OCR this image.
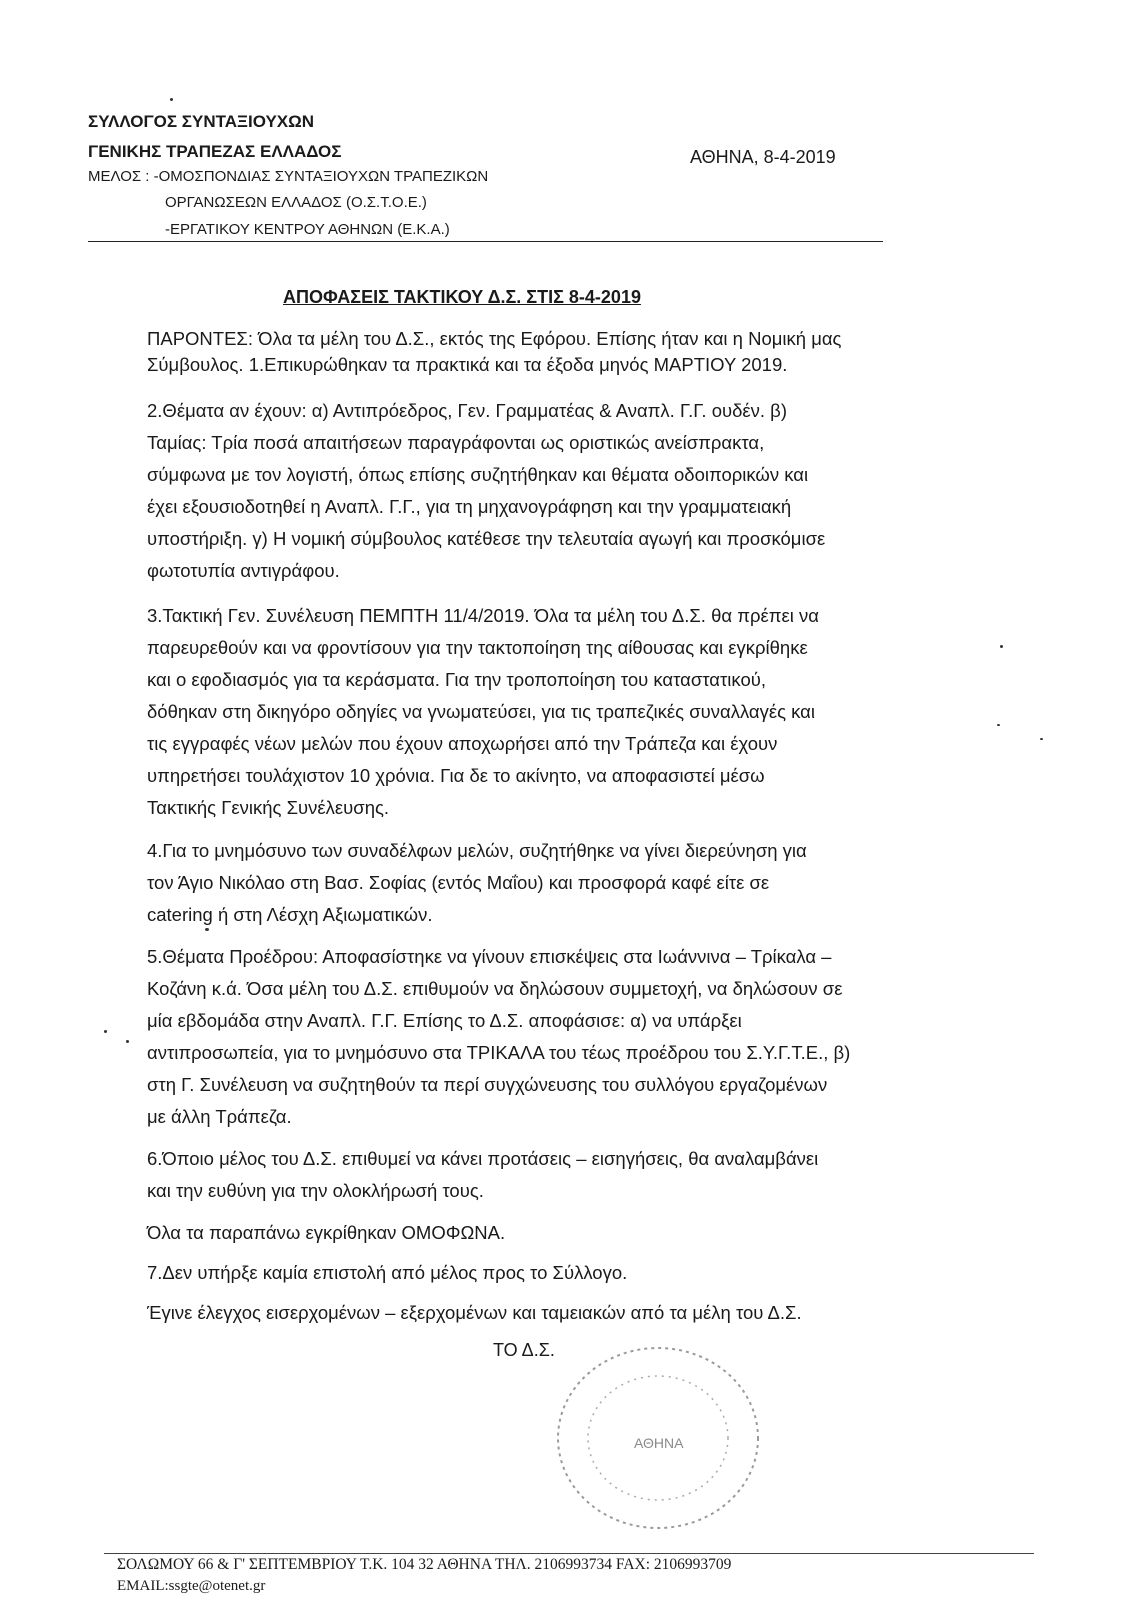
ΣΥΛΛΟΓΟΣ ΣΥΝΤΑΞΙΟΥΧΩΝ
ΓΕΝΙΚΗΣ ΤΡΑΠΕΖΑΣ ΕΛΛΑΔΟΣ
ΜΕΛΟΣ : -ΟΜΟΣΠΟΝΔΙΑΣ ΣΥΝΤΑΞΙΟΥΧΩΝ ΤΡΑΠΕΖΙΚΩΝ
ΟΡΓΑΝΩΣΕΩΝ ΕΛΛΑΔΟΣ (Ο.Σ.Τ.Ο.Ε.)
-ΕΡΓΑΤΙΚΟΥ ΚΕΝΤΡΟΥ ΑΘΗΝΩΝ (Ε.Κ.Α.)
ΑΘΗΝΑ, 8-4-2019
ΑΠΟΦΑΣΕΙΣ ΤΑΚΤΙΚΟΥ Δ.Σ. ΣΤΙΣ 8-4-2019
ΠΑΡΟΝΤΕΣ: Όλα τα μέλη του Δ.Σ., εκτός της Εφόρου. Επίσης ήταν και η Νομική μας
Σύμβουλος. 1.Επικυρώθηκαν τα πρακτικά και τα έξοδα μηνός ΜΑΡΤΙΟΥ 2019.
2.Θέματα αν έχουν: α) Αντιπρόεδρος, Γεν. Γραμματέας & Αναπλ. Γ.Γ. ουδέν. β)
Ταμίας: Τρία ποσά απαιτήσεων παραγράφονται ως οριστικώς ανείσπρακτα,
σύμφωνα με τον λογιστή, όπως επίσης συζητήθηκαν και θέματα οδοιπορικών και
έχει εξουσιοδοτηθεί η Αναπλ. Γ.Γ., για τη μηχανογράφηση και την γραμματειακή
υποστήριξη. γ) Η νομική σύμβουλος κατέθεσε την τελευταία αγωγή και προσκόμισε
φωτοτυπία αντιγράφου.
3.Τακτική Γεν. Συνέλευση ΠΕΜΠΤΗ 11/4/2019. Όλα τα μέλη του Δ.Σ. θα πρέπει να
παρευρεθούν και να φροντίσουν για την τακτοποίηση της αίθουσας και εγκρίθηκε
και ο εφοδιασμός για τα κεράσματα. Για την τροποποίηση του καταστατικού,
δόθηκαν στη δικηγόρο οδηγίες να γνωματεύσει, για τις τραπεζικές συναλλαγές και
τις εγγραφές νέων μελών που έχουν αποχωρήσει από την Τράπεζα και έχουν
υπηρετήσει τουλάχιστον 10 χρόνια. Για δε το ακίνητο, να αποφασιστεί μέσω
Τακτικής Γενικής Συνέλευσης.
4.Για το μνημόσυνο των συναδέλφων μελών, συζητήθηκε να γίνει διερεύνηση για
τον Άγιο Νικόλαο στη Βασ. Σοφίας (εντός Μαΐου) και προσφορά καφέ είτε σε
catering ή στη Λέσχη Αξιωματικών.
5.Θέματα Προέδρου: Αποφασίστηκε να γίνουν επισκέψεις στα Ιωάννινα – Τρίκαλα –
Κοζάνη κ.ά. Όσα μέλη του Δ.Σ. επιθυμούν να δηλώσουν συμμετοχή, να δηλώσουν σε
μία εβδομάδα στην Αναπλ. Γ.Γ. Επίσης το Δ.Σ. αποφάσισε: α) να υπάρξει
αντιπροσωπεία, για το μνημόσυνο στα ΤΡΙΚΑΛΑ του τέως προέδρου του Σ.Υ.Γ.Τ.Ε., β)
στη Γ. Συνέλευση να συζητηθούν τα περί συγχώνευσης του συλλόγου εργαζομένων
με άλλη Τράπεζα.
6.Όποιο μέλος του Δ.Σ. επιθυμεί να κάνει προτάσεις – εισηγήσεις, θα αναλαμβάνει
και την ευθύνη για την ολοκλήρωσή τους.
Όλα τα παραπάνω εγκρίθηκαν ΟΜΟΦΩΝΑ.
7.Δεν υπήρξε καμία επιστολή από μέλος προς το Σύλλογο.
Έγινε έλεγχος εισερχομένων – εξερχομένων και ταμειακών από τα μέλη του Δ.Σ.
ΤΟ Δ.Σ.
ΑΘΗΝΑ
ΣΟΛΩΜΟΥ 66 & Γ' ΣΕΠΤΕΜΒΡΙΟΥ Τ.Κ. 104 32 ΑΘΗΝΑ ΤΗΛ. 2106993734 FAX: 2106993709
EMAIL:ssgte@otenet.gr
